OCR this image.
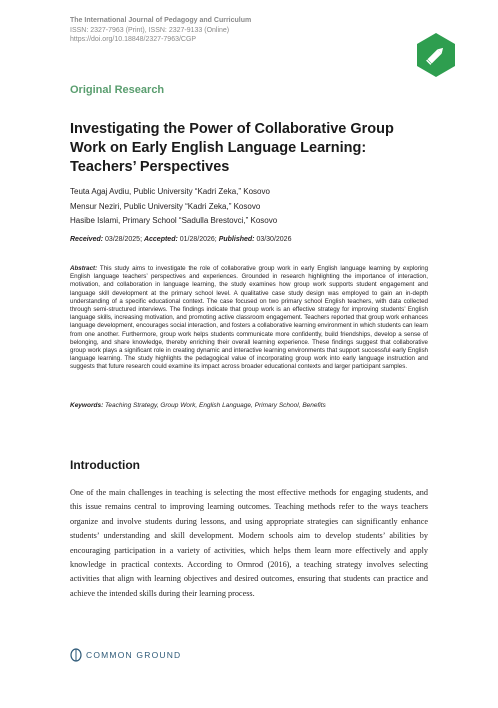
The International Journal of Pedagogy and Curriculum
ISSN: 2327-7963 (Print), ISSN: 2327-9133 (Online)
https://doi.org/10.18848/2327-7963/CGP
Original Research
Investigating the Power of Collaborative Group Work on Early English Language Learning: Teachers’ Perspectives
Teuta Agaj Avdiu, Public University “Kadri Zeka,” Kosovo
Mensur Neziri, Public University “Kadri Zeka,” Kosovo
Hasibe Islami, Primary School “Sadulla Brestovci,” Kosovo
Received: 03/28/2025; Accepted: 01/28/2026; Published: 03/30/2026
Abstract: This study aims to investigate the role of collaborative group work in early English language learning by exploring English language teachers’ perspectives and experiences. Grounded in research highlighting the importance of interaction, motivation, and collaboration in language learning, the study examines how group work supports student engagement and language skill development at the primary school level. A qualitative case study design was employed to gain an in-depth understanding of a specific educational context. The case focused on two primary school English teachers, with data collected through semi-structured interviews. The findings indicate that group work is an effective strategy for improving students’ English language skills, increasing motivation, and promoting active classroom engagement. Teachers reported that group work enhances language development, encourages social interaction, and fosters a collaborative learning environment in which students can learn from one another. Furthermore, group work helps students communicate more confidently, build friendships, develop a sense of belonging, and share knowledge, thereby enriching their overall learning experience. These findings suggest that collaborative group work plays a significant role in creating dynamic and interactive learning environments that support successful early English language learning. The study highlights the pedagogical value of incorporating group work into early language instruction and suggests that future research could examine its impact across broader educational contexts and larger participant samples.
Keywords: Teaching Strategy, Group Work, English Language, Primary School, Benefits
Introduction
One of the main challenges in teaching is selecting the most effective methods for engaging students, and this issue remains central to improving learning outcomes. Teaching methods refer to the ways teachers organize and involve students during lessons, and using appropriate strategies can significantly enhance students’ understanding and skill development. Modern schools aim to develop students’ abilities by encouraging participation in a variety of activities, which helps them learn more effectively and apply knowledge in practical contexts. According to Ormrod (2016), a teaching strategy involves selecting activities that align with learning objectives and desired outcomes, ensuring that students can practice and achieve the intended skills during their learning process.
COMMON GROUND
